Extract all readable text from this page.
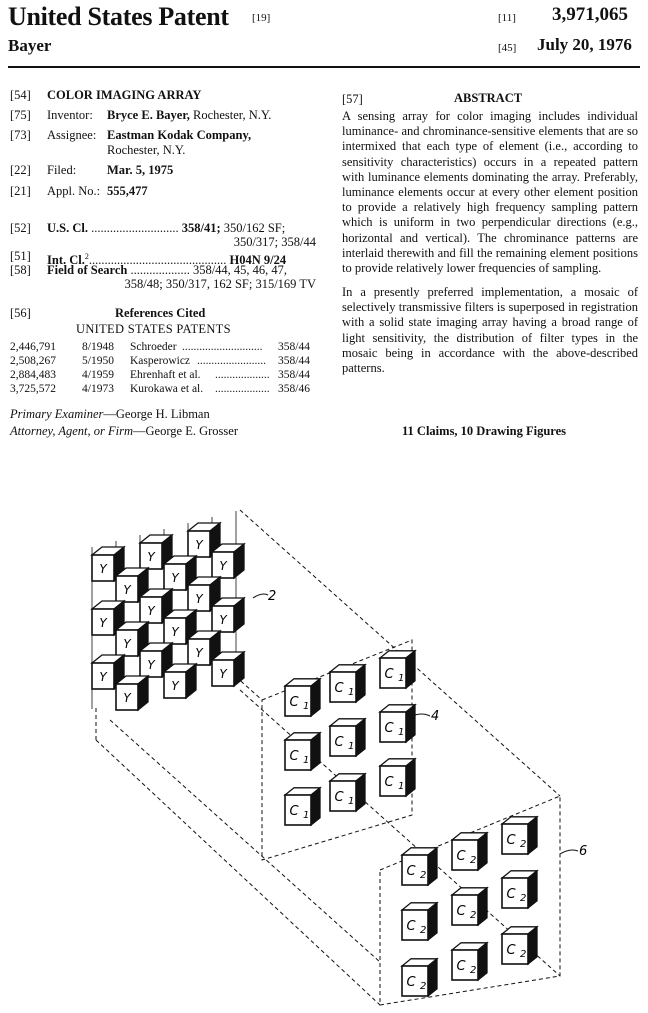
United States Patent [19]	[11] 3,971,065
Bayer	[45] July 20, 1976
[54] COLOR IMAGING ARRAY
[75] Inventor: Bryce E. Bayer, Rochester, N.Y.
[73] Assignee: Eastman Kodak Company,
Rochester, N.Y.
[22] Filed: Mar. 5, 1975
[21] Appl. No.: 555,477
[52] U.S. Cl. ............................ 358/41; 350/162 SF;
350/317; 358/44
[51] Int. Cl.$^2$............................................ H04N 9/24
[58] Field of Search ................... 358/44, 45, 46, 47,
358/48; 350/317, 162 SF; 315/169 TV
[56]	References Cited
UNITED STATES PATENTS
2,446,791 8/1948 Schroeder ............................ 358/44
2,508,267 5/1950 Kasperowicz ........................ 358/44
2,884,483 4/1959 Ehrenhaft et al. ................... 358/44
3,725,572 4/1973 Kurokawa et al. ................... 358/46
Primary Examiner—George H. Libman
Attorney, Agent, or Firm—George E. Grosser
[57]	ABSTRACT
A sensing array for color imaging includes individual luminance- and chrominance-sensitive elements that are so intermixed that each type of element (i.e., according to sensitivity characteristics) occurs in a repeated pattern with luminance elements dominating the array. Preferably, luminance elements occur at every other element position to provide a relatively high frequency sampling pattern which is uniform in two perpendicular directions (e.g., horizontal and vertical). The chrominance patterns are interlaid therewith and fill the remaining element positions to provide relatively lower frequencies of sampling.
In a presently preferred implementation, a mosaic of selectively transmissive filters is superposed in registration with a solid state imaging array having a broad range of light sensitivity, the distribution of filter types in the mosaic being in accordance with the above-described patterns.
11 Claims, 10 Drawing Figures
Y
Y
Y
Y
Y
Y
Y
Y
Y
Y
Y
Y
Y
Y
Y
Y
Y
Y
C 1
C 1
C 1
C 1
C 1
C 1
C 1
C 1
C 1
C 2
C 2
C 2
C 2
C 2
C 2
C 2
C 2
C 2
2
4
6
